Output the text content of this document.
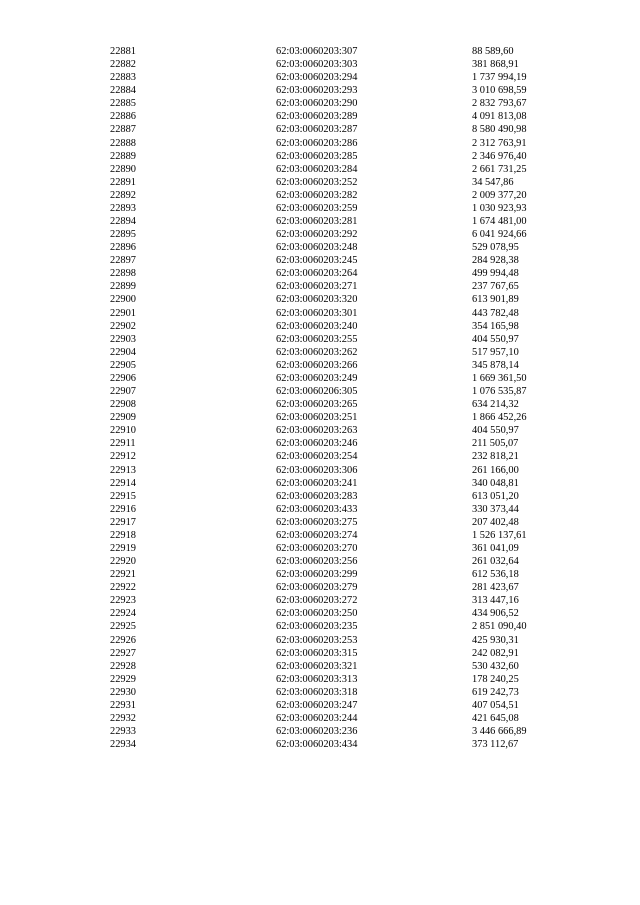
22881	62:03:0060203:307	88 589,60
22882	62:03:0060203:303	381 868,91
22883	62:03:0060203:294	1 737 994,19
22884	62:03:0060203:293	3 010 698,59
22885	62:03:0060203:290	2 832 793,67
22886	62:03:0060203:289	4 091 813,08
22887	62:03:0060203:287	8 580 490,98
22888	62:03:0060203:286	2 312 763,91
22889	62:03:0060203:285	2 346 976,40
22890	62:03:0060203:284	2 661 731,25
22891	62:03:0060203:252	34 547,86
22892	62:03:0060203:282	2 009 377,20
22893	62:03:0060203:259	1 030 923,93
22894	62:03:0060203:281	1 674 481,00
22895	62:03:0060203:292	6 041 924,66
22896	62:03:0060203:248	529 078,95
22897	62:03:0060203:245	284 928,38
22898	62:03:0060203:264	499 994,48
22899	62:03:0060203:271	237 767,65
22900	62:03:0060203:320	613 901,89
22901	62:03:0060203:301	443 782,48
22902	62:03:0060203:240	354 165,98
22903	62:03:0060203:255	404 550,97
22904	62:03:0060203:262	517 957,10
22905	62:03:0060203:266	345 878,14
22906	62:03:0060203:249	1 669 361,50
22907	62:03:0060206:305	1 076 535,87
22908	62:03:0060203:265	634 214,32
22909	62:03:0060203:251	1 866 452,26
22910	62:03:0060203:263	404 550,97
22911	62:03:0060203:246	211 505,07
22912	62:03:0060203:254	232 818,21
22913	62:03:0060203:306	261 166,00
22914	62:03:0060203:241	340 048,81
22915	62:03:0060203:283	613 051,20
22916	62:03:0060203:433	330 373,44
22917	62:03:0060203:275	207 402,48
22918	62:03:0060203:274	1 526 137,61
22919	62:03:0060203:270	361 041,09
22920	62:03:0060203:256	261 032,64
22921	62:03:0060203:299	612 536,18
22922	62:03:0060203:279	281 423,67
22923	62:03:0060203:272	313 447,16
22924	62:03:0060203:250	434 906,52
22925	62:03:0060203:235	2 851 090,40
22926	62:03:0060203:253	425 930,31
22927	62:03:0060203:315	242 082,91
22928	62:03:0060203:321	530 432,60
22929	62:03:0060203:313	178 240,25
22930	62:03:0060203:318	619 242,73
22931	62:03:0060203:247	407 054,51
22932	62:03:0060203:244	421 645,08
22933	62:03:0060203:236	3 446 666,89
22934	62:03:0060203:434	373 112,67
